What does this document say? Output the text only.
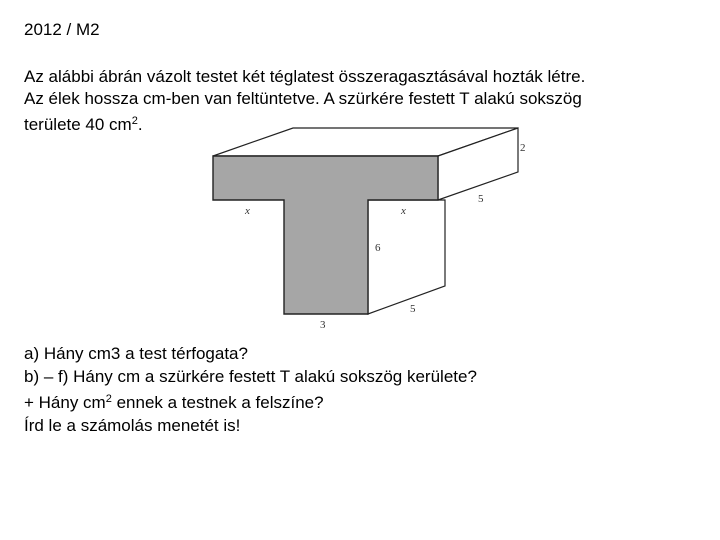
2012 / M2
Az alábbi ábrán vázolt testet két téglatest összeragasztásával hozták létre.
Az élek hossza cm-ben van feltüntetve. A szürkére festett T alakú sokszög
területe 40 $cm^2$.
2
5
x	x
6
5
3
a) Hány cm3 a test térfogata?
b) – f) Hány cm a szürkére festett T alakú sokszög kerülete?
+ Hány $cm^2$ ennek a testnek a felszíne?
Írd le a számolás menetét is!
